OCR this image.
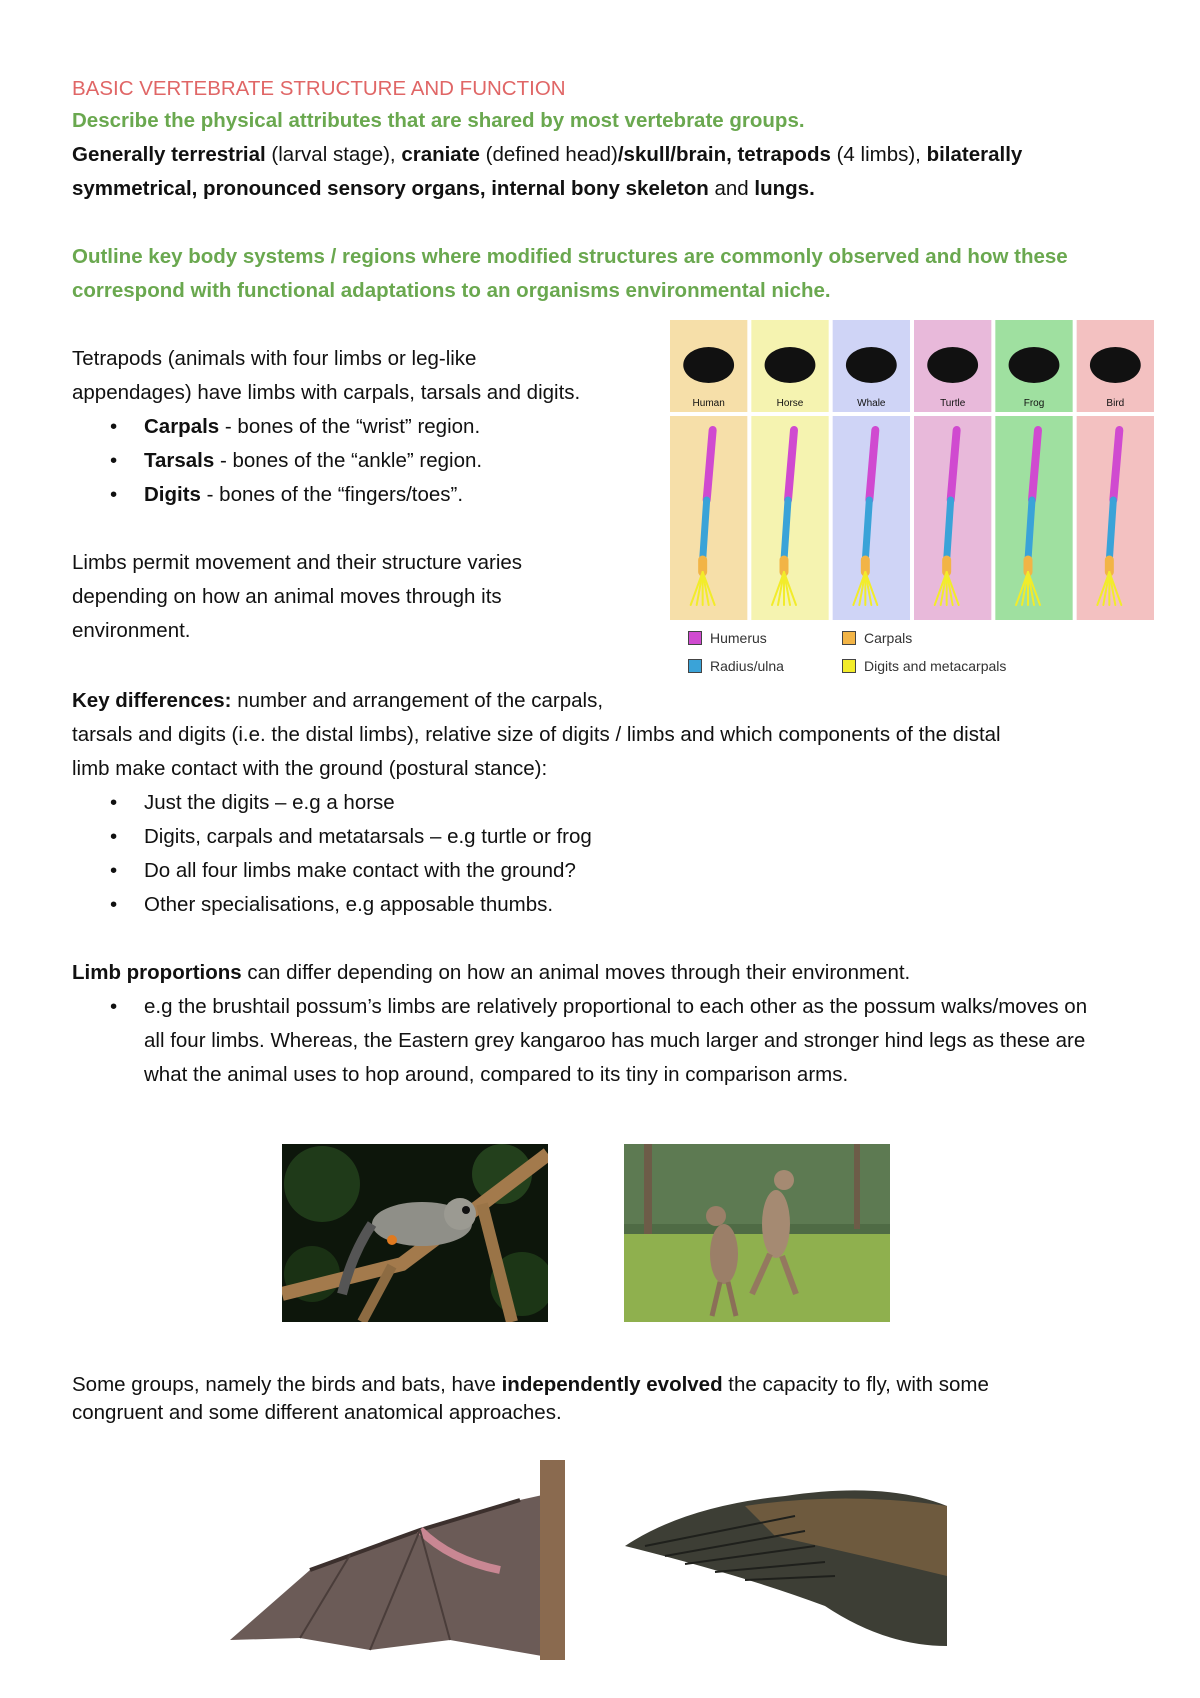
BASIC VERTEBRATE STRUCTURE AND FUNCTION
Describe the physical attributes that are shared by most vertebrate groups.
Generally terrestrial (larval stage), craniate (defined head)/skull/brain, tetrapods (4 limbs), bilaterally
symmetrical, pronounced sensory organs, internal bony skeleton and lungs.
Outline key body systems / regions where modified structures are commonly observed and how these
correspond with functional adaptations to an organisms environmental niche.
Tetrapods (animals with four limbs or leg-like
appendages) have limbs with carpals, tarsals and digits.
• Carpals - bones of the “wrist” region.
• Tarsals - bones of the “ankle” region.
• Digits - bones of the “fingers/toes”.
Limbs permit movement and their structure varies
depending on how an animal moves through its
environment.
Human	Horse	Whale	Turtle	Frog	Bird
Humerus
Radius/ulna
Carpals
Digits and metacarpals
Key differences: number and arrangement of the carpals,
tarsals and digits (i.e. the distal limbs), relative size of digits / limbs and which components of the distal
limb make contact with the ground (postural stance):
• Just the digits – e.g a horse
• Digits, carpals and metatarsals – e.g turtle or frog
• Do all four limbs make contact with the ground?
• Other specialisations, e.g apposable thumbs.
Limb proportions can differ depending on how an animal moves through their environment.
• e.g the brushtail possum’s limbs are relatively proportional to each other as the possum walks/moves on all four limbs. Whereas, the Eastern grey kangaroo has much larger and stronger hind legs as these are what the animal uses to hop around, compared to its tiny in comparison arms.
Some groups, namely the birds and bats, have independently evolved the capacity to fly, with some
congruent and some different anatomical approaches.
